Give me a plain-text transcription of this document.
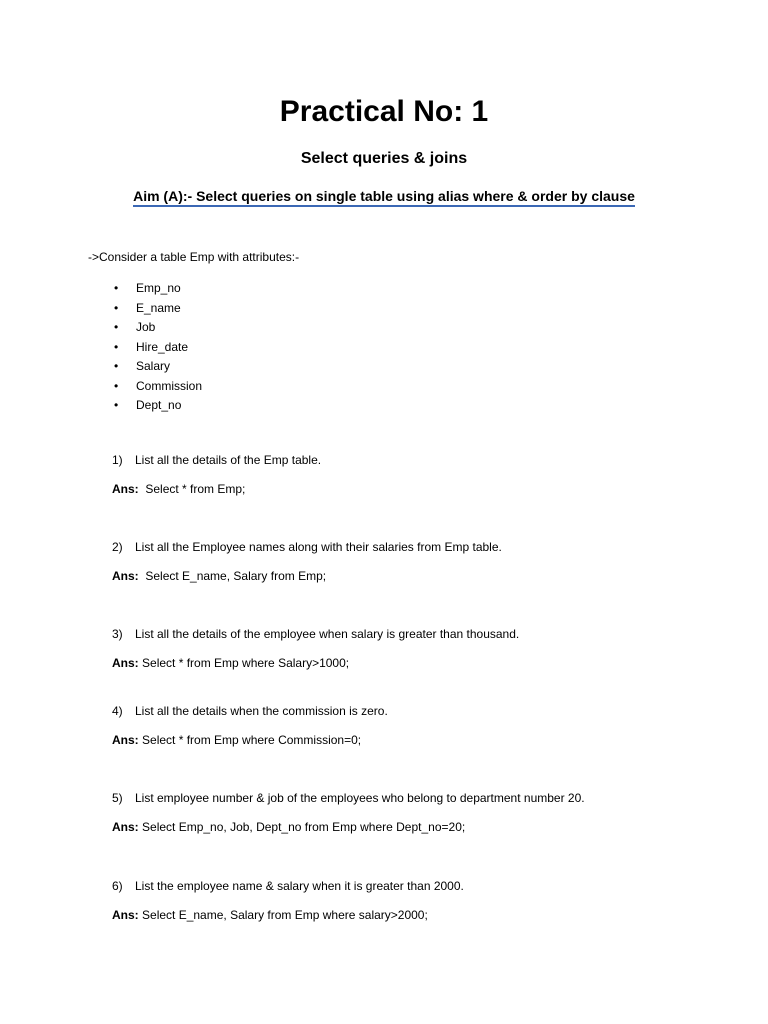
Practical No: 1
Select queries & joins
Aim (A):- Select queries on single table using alias where & order by clause
->Consider a table Emp with attributes:-
• Emp_no
• E_name
• Job
• Hire_date
• Salary
• Commission
• Dept_no
1) List all the details of the Emp table.
Ans: Select * from Emp;
2) List all the Employee names along with their salaries from Emp table.
Ans: Select E_name, Salary from Emp;
3) List all the details of the employee when salary is greater than thousand.
Ans: Select * from Emp where Salary>1000;
4) List all the details when the commission is zero.
Ans: Select * from Emp where Commission=0;
5) List employee number & job of the employees who belong to department number 20.
Ans: Select Emp_no, Job, Dept_no from Emp where Dept_no=20;
6) List the employee name & salary when it is greater than 2000.
Ans: Select E_name, Salary from Emp where salary>2000;
